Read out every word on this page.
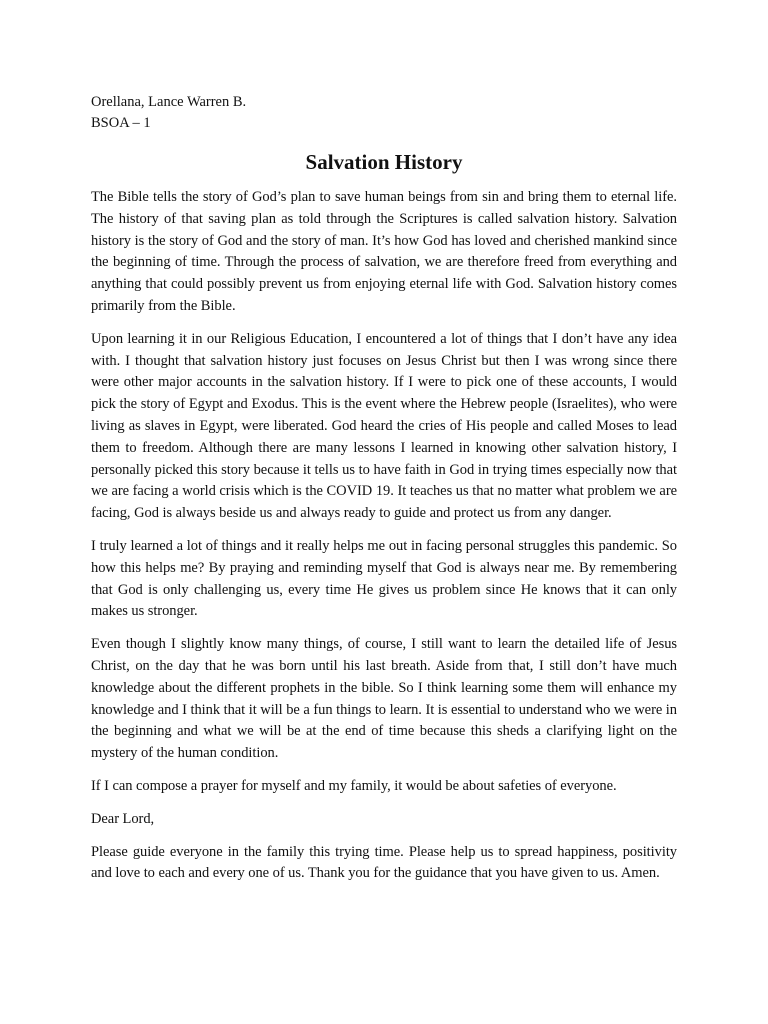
Orellana, Lance Warren B.

BSOA – 1

Salvation History

The Bible tells the story of God’s plan to save human beings from sin and bring them to eternal life. The history of that saving plan as told through the Scriptures is called salvation history. Salvation history is the story of God and the story of man. It’s how God has loved and cherished mankind since the beginning of time. Through the process of salvation, we are therefore freed from everything and anything that could possibly prevent us from enjoying eternal life with God. Salvation history comes primarily from the Bible.

Upon learning it in our Religious Education, I encountered a lot of things that I don’t have any idea with. I thought that salvation history just focuses on Jesus Christ but then I was wrong since there were other major accounts in the salvation history. If I were to pick one of these accounts, I would pick the story of Egypt and Exodus. This is the event where the Hebrew people (Israelites), who were living as slaves in Egypt, were liberated. God heard the cries of His people and called Moses to lead them to freedom. Although there are many lessons I learned in knowing other salvation history, I personally picked this story because it tells us to have faith in God in trying times especially now that we are facing a world crisis which is the COVID 19. It teaches us that no matter what problem we are facing, God is always beside us and always ready to guide and protect us from any danger.

I truly learned a lot of things and it really helps me out in facing personal struggles this pandemic. So how this helps me? By praying and reminding myself that God is always near me. By remembering that God is only challenging us, every time He gives us problem since He knows that it can only makes us stronger.

Even though I slightly know many things, of course, I still want to learn the detailed life of Jesus Christ, on the day that he was born until his last breath. Aside from that, I still don’t have much knowledge about the different prophets in the bible. So I think learning some them will enhance my knowledge and I think that it will be a fun things to learn. It is essential to understand who we were in the beginning and what we will be at the end of time because this sheds a clarifying light on the mystery of the human condition.

If I can compose a prayer for myself and my family, it would be about safeties of everyone.

Dear Lord,

Please guide everyone in the family this trying time. Please help us to spread happiness, positivity and love to each and every one of us. Thank you for the guidance that you have given to us. Amen.
